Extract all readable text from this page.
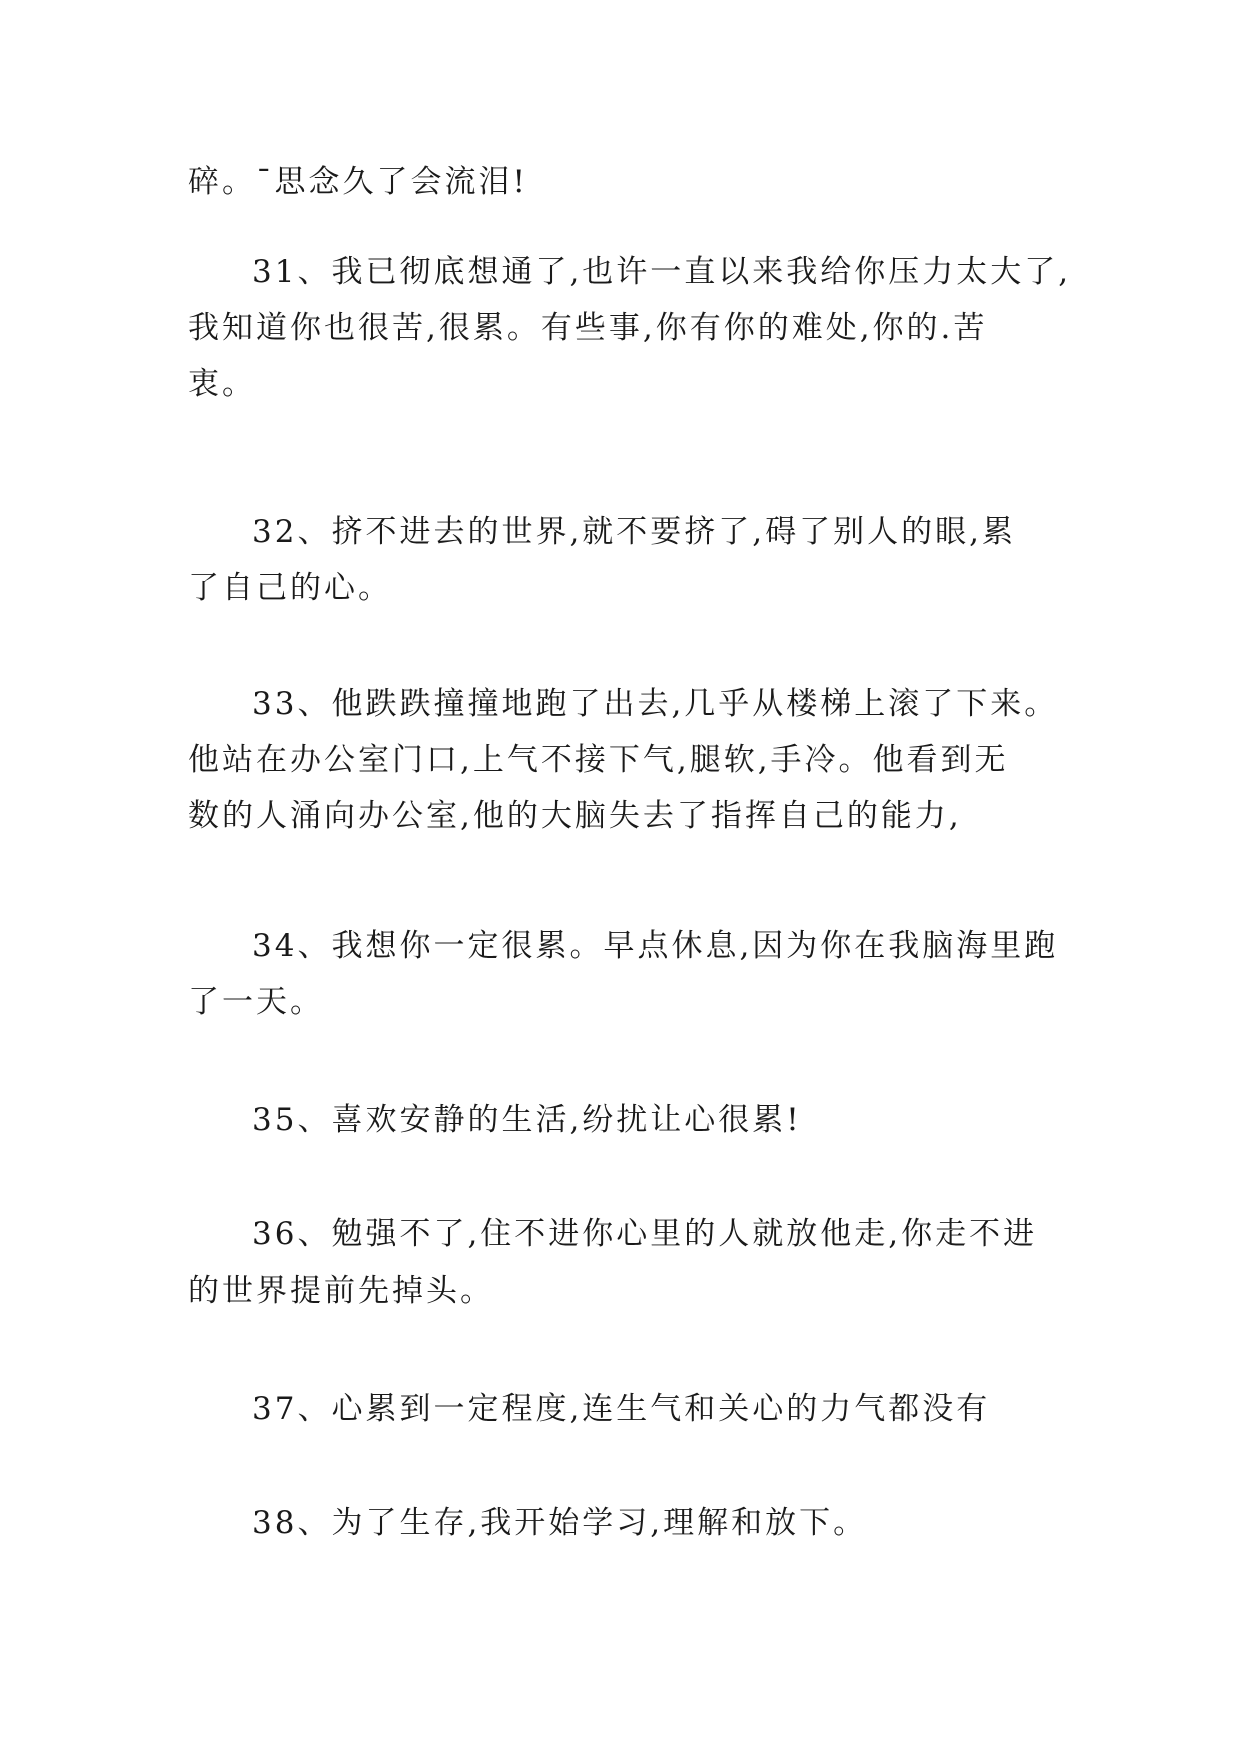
碎。¯思念久了会流泪!
31、我已彻底想通了,也许一直以来我给你压力太大了,
我知道你也很苦,很累。有些事,你有你的难处,你的.苦
衷。
32、挤不进去的世界,就不要挤了,碍了别人的眼,累
了自己的心。
33、他跌跌撞撞地跑了出去,几乎从楼梯上滚了下来。
他站在办公室门口,上气不接下气,腿软,手冷。他看到无
数的人涌向办公室,他的大脑失去了指挥自己的能力,
34、我想你一定很累。早点休息,因为你在我脑海里跑
了一天。
35、喜欢安静的生活,纷扰让心很累!
36、勉强不了,住不进你心里的人就放他走,你走不进
的世界提前先掉头。
37、心累到一定程度,连生气和关心的力气都没有
38、为了生存,我开始学习,理解和放下。
